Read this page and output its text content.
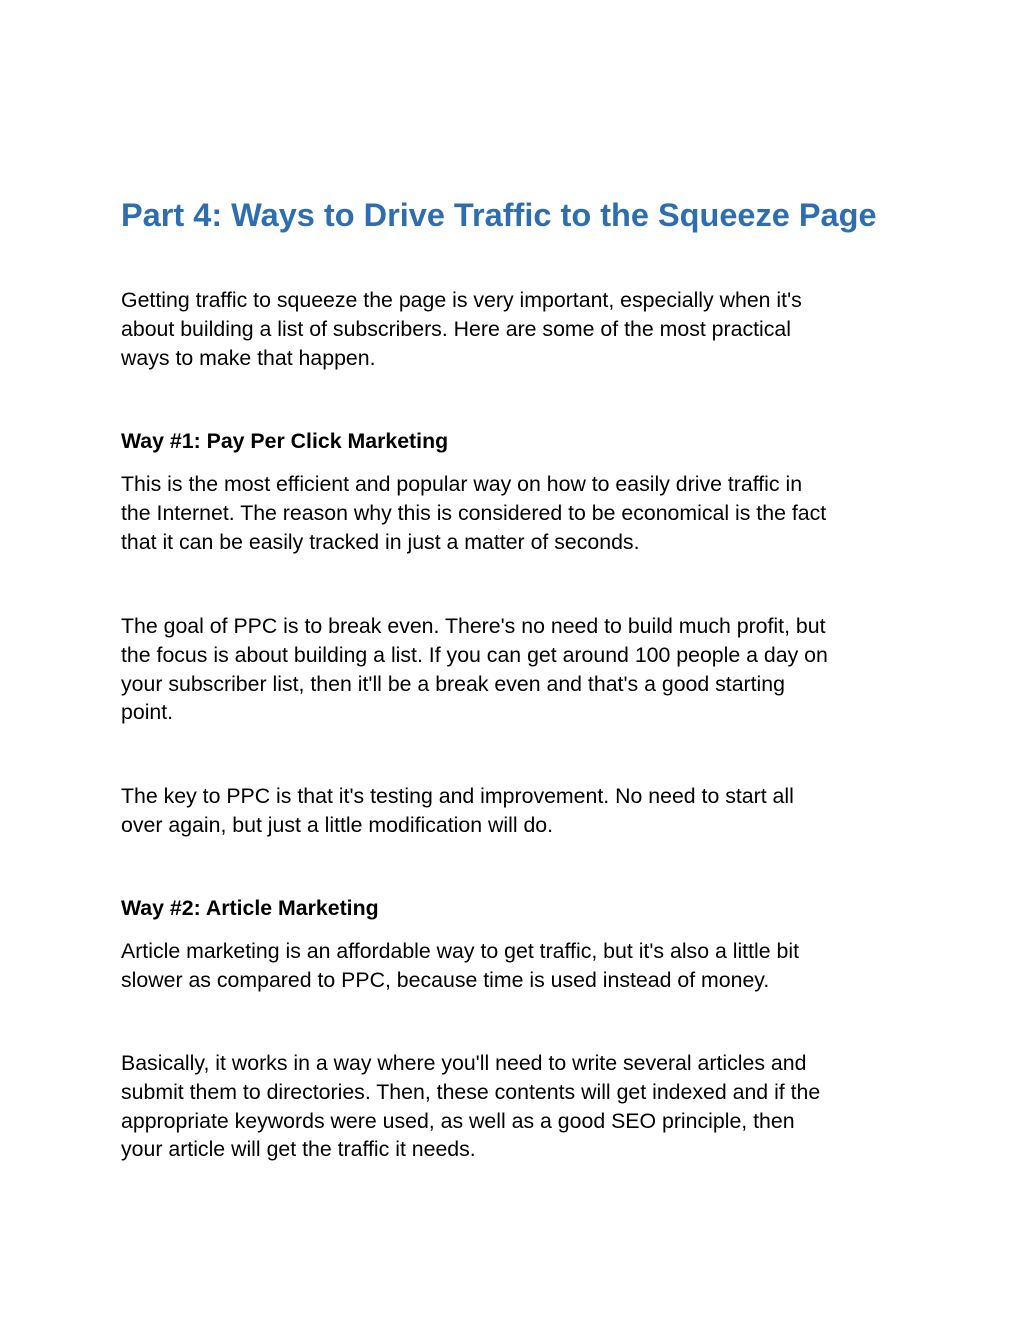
Part 4: Ways to Drive Traffic to the Squeeze Page

Getting traffic to squeeze the page is very important, especially when it's
about building a list of subscribers. Here are some of the most practical
ways to make that happen.

Way #1: Pay Per Click Marketing

This is the most efficient and popular way on how to easily drive traffic in
the Internet. The reason why this is considered to be economical is the fact
that it can be easily tracked in just a matter of seconds.

The goal of PPC is to break even. There's no need to build much profit, but
the focus is about building a list. If you can get around 100 people a day on
your subscriber list, then it'll be a break even and that's a good starting
point.

The key to PPC is that it's testing and improvement. No need to start all
over again, but just a little modification will do.

Way #2: Article Marketing

Article marketing is an affordable way to get traffic, but it's also a little bit
slower as compared to PPC, because time is used instead of money.

Basically, it works in a way where you'll need to write several articles and
submit them to directories. Then, these contents will get indexed and if the
appropriate keywords were used, as well as a good SEO principle, then
your article will get the traffic it needs.
